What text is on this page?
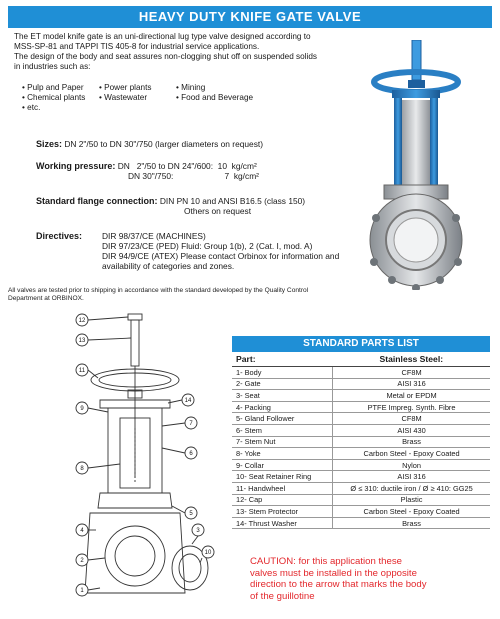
HEAVY DUTY KNIFE GATE VALVE

The ET model knife gate is an uni-directional lug type valve designed according to

MSS-SP-81 and TAPPI TIS 405-8 for industrial service applications.

The design of the body and seat assures non-clogging shut off on suspended solids

in industries such as:

• Pulp and Paper	• Power plants	• Mining
• Chemical plants	• Wastewater	• Food and Beverage
• etc.
Sizes: DN 2"/50 to DN 30"/750 (larger diameters on request)
Working pressure: DN   2"/50 to DN 24"/600:  10  kg/cm²
DN 30"/750:                      7  kg/cm²
Standard flange connection: DIN PN 10 and ANSI B16.5 (class 150)
Others on request
Directives:	DIR 98/37/CE (MACHINES)
DIR 97/23/CE (PED) Fluid: Group 1(b), 2 (Cat. I, mod. A)
DIR 94/9/CE (ATEX) Please contact Orbinox for information and
availability of categories and zones.
All valves are tested prior to shipping in accordance with the standard developed by the Quality Control
Department at ORBINOX.
12
13
11
9
14
7
6
8
5
4	3
2
10
1
STANDARD PARTS LIST
Part:	Stainless Steel:
1- Body	CF8M
2- Gate	AISI 316
3- Seat	Metal or EPDM
4- Packing	PTFE Impreg. Synth. Fibre
5- Gland Follower	CF8M
6- Stem	AISI 430
7- Stem Nut	Brass
8- Yoke	Carbon Steel - Epoxy Coated
9- Collar	Nylon
10- Seat Retainer Ring	AISI 316
11- Handwheel	Ø ≤ 310: ductile iron / Ø ≥ 410: GG25
12- Cap	Plastic
13- Stem Protector	Carbon Steel - Epoxy Coated
14- Thrust Washer	Brass

CAUTION: for this application these

valves must be installed in the opposite

direction to the arrow that marks the body

of the guillotine
